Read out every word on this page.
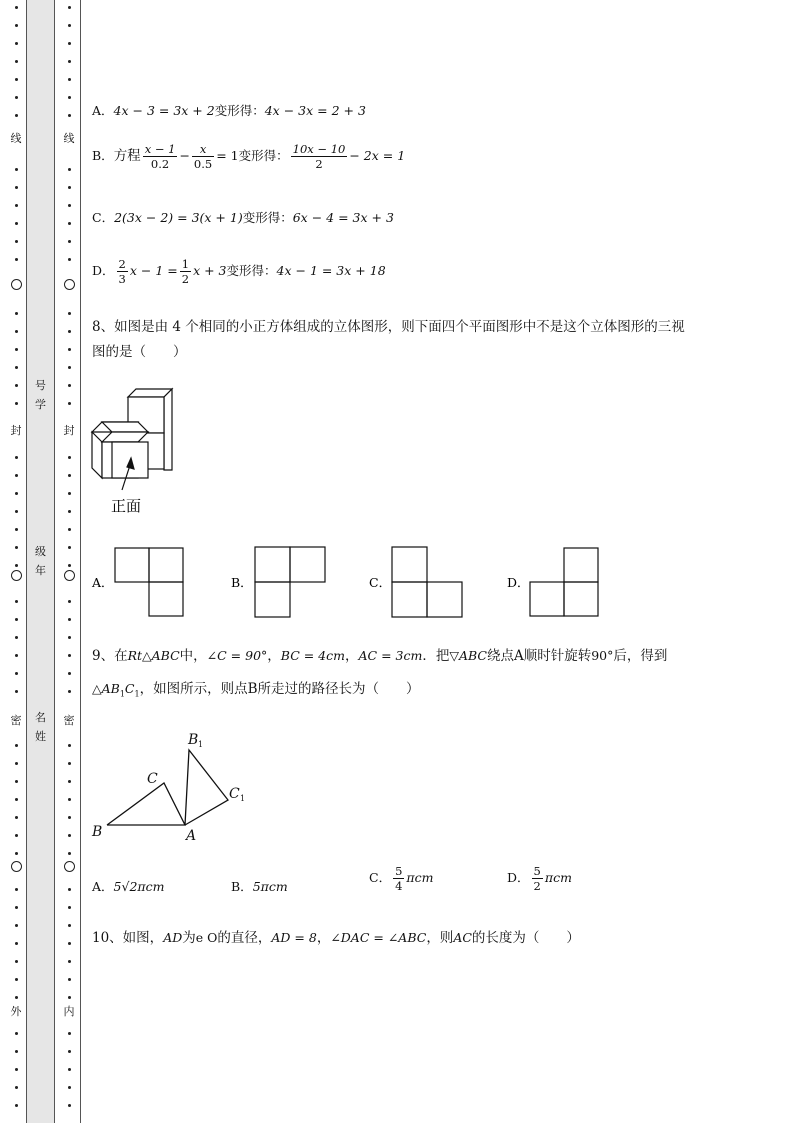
线
封
密
外
号
学
级
年
名
姓
线
封
密
内
A．4x − 3 = 3x + 2变形得：4x − 3x = 2 + 3
B．方程 $\frac{x - 1}{0.2} - \frac{x}{0.5} = 1$变形得： $\frac{10x - 10}{2} - 2x = 1$
C．2(3x − 2) = 3(x + 1)变形得：6x − 4 = 3x + 3
D． $\frac{2}{3}$ $x - 1 = \frac{1}{2}$ x + 3变形得：4x − 1 = 3x + 18
8、如图是由 4 个相同的小正方体组成的立体图形，则下面四个平面图形中不是这个立体图形的三视
图的是（　　）
正面
A．	B．	C．	D．
9、在Rt△ABC中，∠C = 90°，BC = 4cm，AC = 3cm．把▽ABC绕点A顺时针旋转90°后，得到
$\triangle AB_1C_1$，如图所示，则点B所走过的路径长为（　　）
B
C
A
B
C
1
1
A．5√2πcm	B．5πcm
C． $\frac{5}{4}$ πcm	D． $\frac{5}{2}$ πcm
10、如图，AD为e O的直径，AD = 8，∠DAC = ∠ABC，则AC的长度为（　　）
